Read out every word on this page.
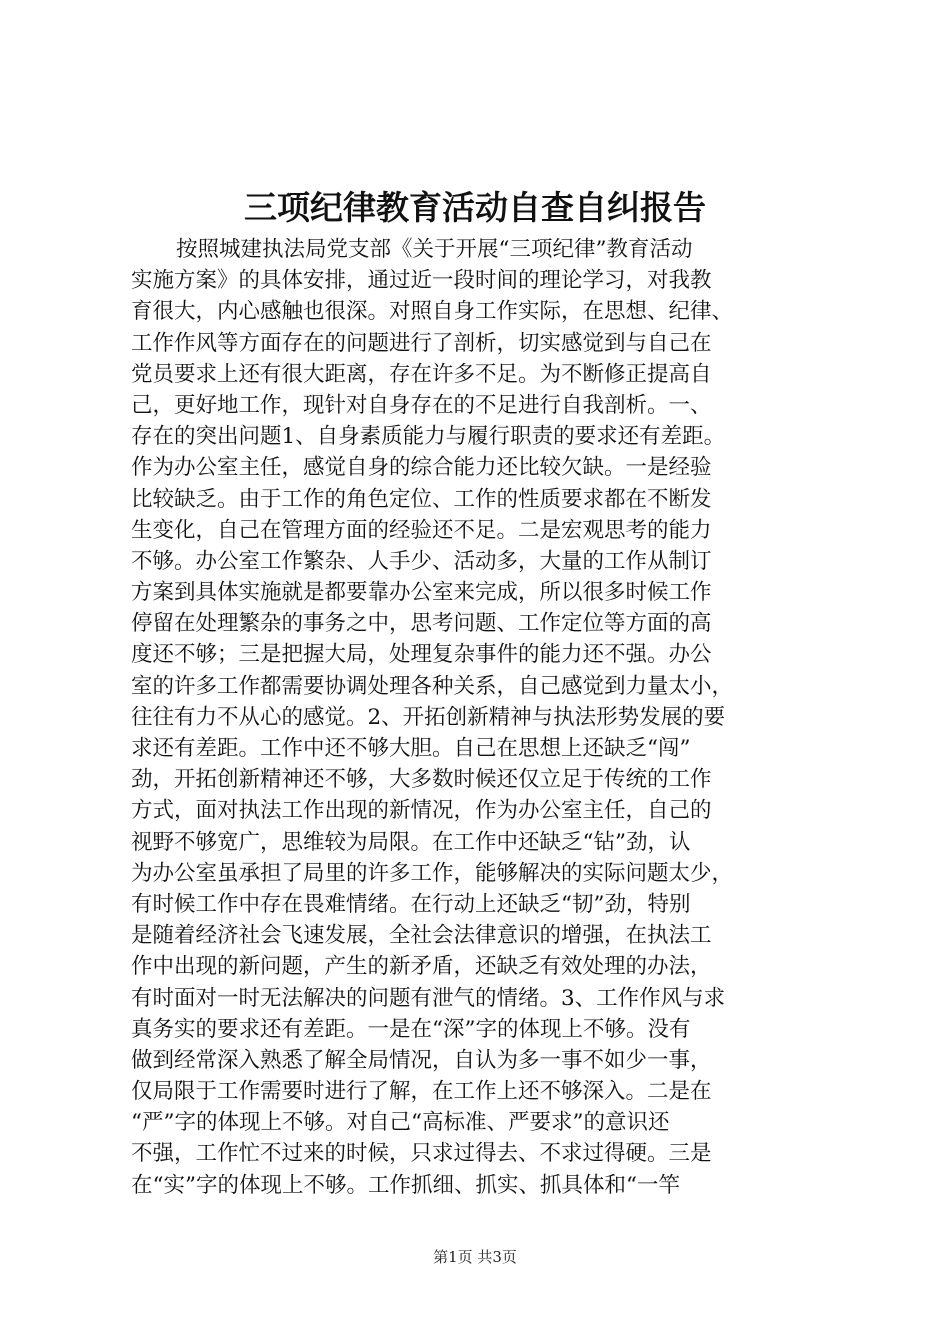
三项纪律教育活动自查自纠报告
按照城建执法局党支部《关于开展“三项纪律”教育活动
实施方案》的具体安排，通过近一段时间的理论学习，对我教
育很大，内心感触也很深。对照自身工作实际，在思想、纪律、
工作作风等方面存在的问题进行了剖析，切实感觉到与自己在
党员要求上还有很大距离，存在许多不足。为不断修正提高自
己，更好地工作，现针对自身存在的不足进行自我剖析。一、
存在的突出问题1、自身素质能力与履行职责的要求还有差距。
作为办公室主任，感觉自身的综合能力还比较欠缺。一是经验
比较缺乏。由于工作的角色定位、工作的性质要求都在不断发
生变化，自己在管理方面的经验还不足。二是宏观思考的能力
不够。办公室工作繁杂、人手少、活动多，大量的工作从制订
方案到具体实施就是都要靠办公室来完成，所以很多时候工作
停留在处理繁杂的事务之中，思考问题、工作定位等方面的高
度还不够；三是把握大局，处理复杂事件的能力还不强。办公
室的许多工作都需要协调处理各种关系，自己感觉到力量太小，
往往有力不从心的感觉。2、开拓创新精神与执法形势发展的要
求还有差距。工作中还不够大胆。自己在思想上还缺乏“闯”
劲，开拓创新精神还不够，大多数时候还仅立足于传统的工作
方式，面对执法工作出现的新情况，作为办公室主任，自己的
视野不够宽广，思维较为局限。在工作中还缺乏“钻”劲，认
为办公室虽承担了局里的许多工作，能够解决的实际问题太少，
有时候工作中存在畏难情绪。在行动上还缺乏“韧”劲，特别
是随着经济社会飞速发展，全社会法律意识的增强，在执法工
作中出现的新问题，产生的新矛盾，还缺乏有效处理的办法，
有时面对一时无法解决的问题有泄气的情绪。3、工作作风与求
真务实的要求还有差距。一是在“深”字的体现上不够。没有
做到经常深入熟悉了解全局情况，自认为多一事不如少一事，
仅局限于工作需要时进行了解，在工作上还不够深入。二是在
“严”字的体现上不够。对自己“高标准、严要求”的意识还
不强，工作忙不过来的时候，只求过得去、不求过得硬。三是
在“实”字的体现上不够。工作抓细、抓实、抓具体和“一竿
第1页 共3页
